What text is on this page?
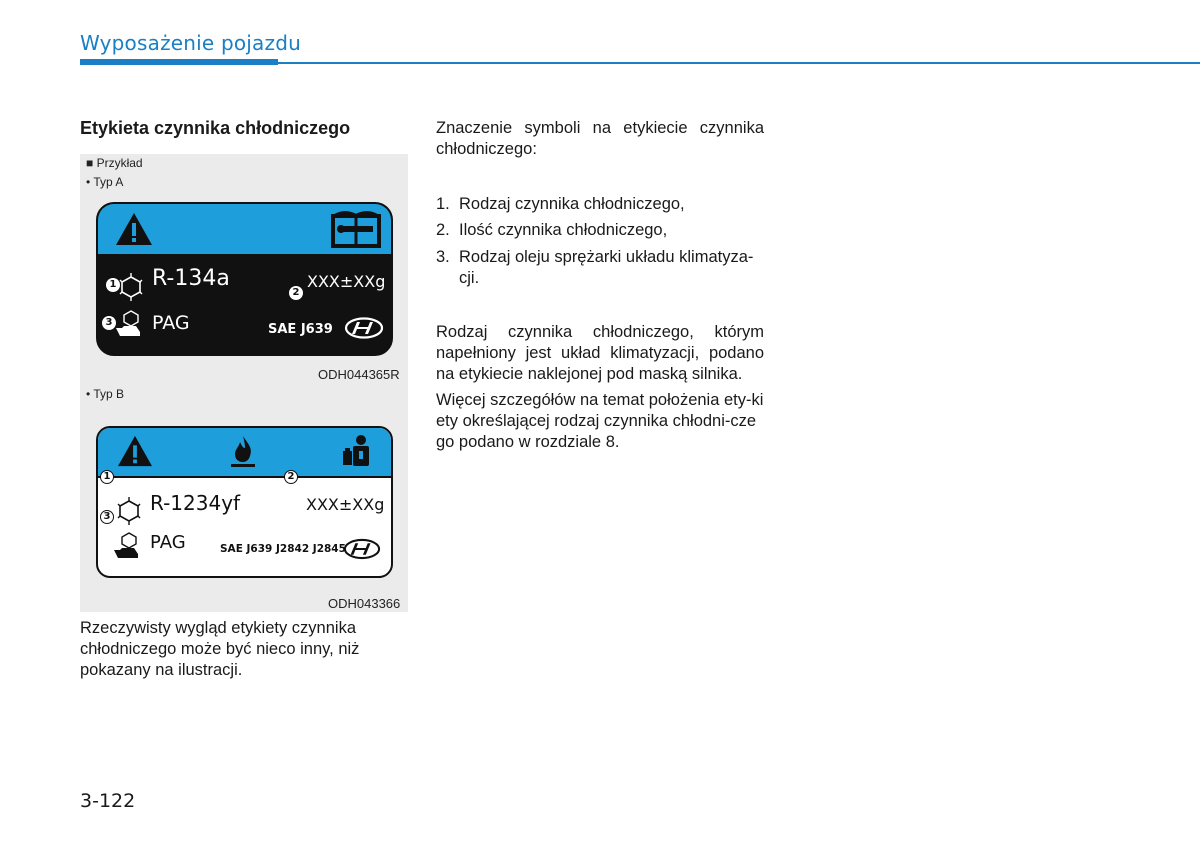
Wyposażenie pojazdu
Etykieta czynnika chłodniczego
■ Przykład
• Typ A
1 R-134a
2
XXX±XXg
3 PAG	SAE J639
ODH044365R
• Typ B
1	2
R-1234yf	XXX±XXg
3
PAG	SAE J639 J2842 J2845
ODH043366
Rzeczywisty wygląd etykiety czynnika chłodniczego może być nieco inny, niż pokazany na ilustracji.
Znaczenie symboli na etykiecie czynnika chłodniczego:
1. Rodzaj czynnika chłodniczego,
2. Ilość czynnika chłodniczego,
3. Rodzaj oleju sprężarki układu klimatyza-cji.
Rodzaj czynnika chłodniczego, którym napełniony jest układ klimatyzacji, podano na etykiecie naklejonej pod maską silnika.
Więcej szczegółów na temat położenia ety-kiety określającej rodzaj czynnika chłodni-czego podano w rozdziale 8.
3-122
